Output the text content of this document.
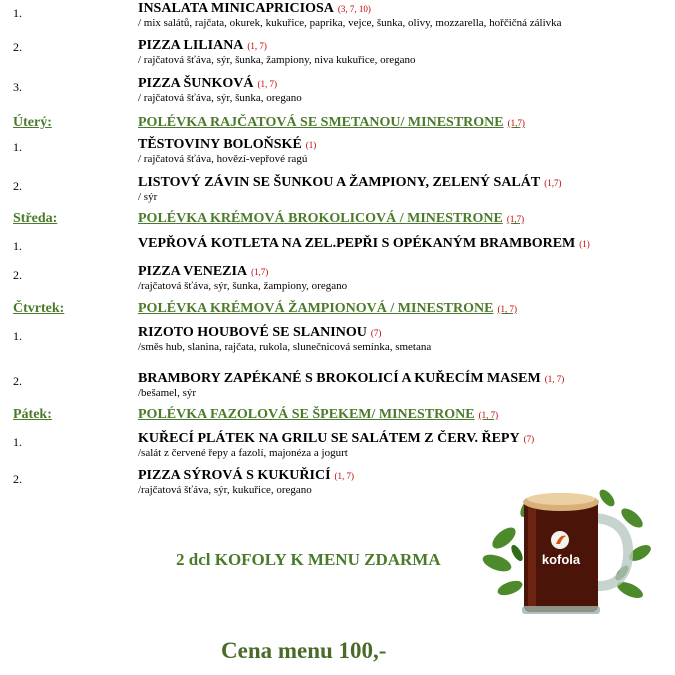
1.	INSALATA MINICAPRICIOSA (3, 7, 10)
/ mix salátů, rajčata, okurek, kukuřice, paprika, vejce, šunka, olivy, mozzarella, hořčičná zálivka
2.	PIZZA LILIANA (1, 7)
/ rajčatová šťáva, sýr, šunka, žampiony, niva kukuřice, oregano
3.	PIZZA ŠUNKOVÁ (1, 7)
/ rajčatová šťáva, sýr, šunka, oregano
Úterý:	POLÉVKA RAJČATOVÁ SE SMETANOU/ MINESTRONE (1,7)
1.	TĚSTOVINY BOLOŇSKÉ (1)
/ rajčatová šťáva, hovězí-vepřové ragú
2.	LISTOVÝ ZÁVIN SE ŠUNKOU A ŽAMPIONY, ZELENÝ SALÁT (1,7)
/ sýr
Středa:	POLÉVKA KRÉMOVÁ BROKOLICOVÁ / MINESTRONE (1,7)
1.	VEPŘOVÁ KOTLETA NA ZEL.PEPŘI S OPÉKANÝM BRAMBOREM (1)
2.	PIZZA VENEZIA (1,7)
/rajčatová šťáva, sýr, šunka, žampiony, oregano
Čtvrtek:	POLÉVKA KRÉMOVÁ ŽAMPIONOVÁ / MINESTRONE (1, 7)
1.	RIZOTO HOUBOVÉ SE SLANINOU (7)
/směs hub, slanina, rajčata, rukola, slunečnicová semínka, smetana
2.	BRAMBORY ZAPÉKANÉ S BROKOLICÍ A KUŘECÍM MASEM (1, 7)
/bešamel, sýr
Pátek:	POLÉVKA FAZOLOVÁ SE ŠPEKEM/ MINESTRONE (1, 7)
1.	KUŘECÍ PLÁTEK NA GRILU SE SALÁTEM Z ČERV. ŘEPY (7)
/salát z červené řepy a fazolí, majonéza a jogurt
2.	PIZZA SÝROVÁ S KUKUŘICÍ (1, 7)
/rajčatová šťáva, sýr, kukuřice, oregano
2 dcl KOFOLY K MENU ZDARMA
Cena menu 100,-
kofola
